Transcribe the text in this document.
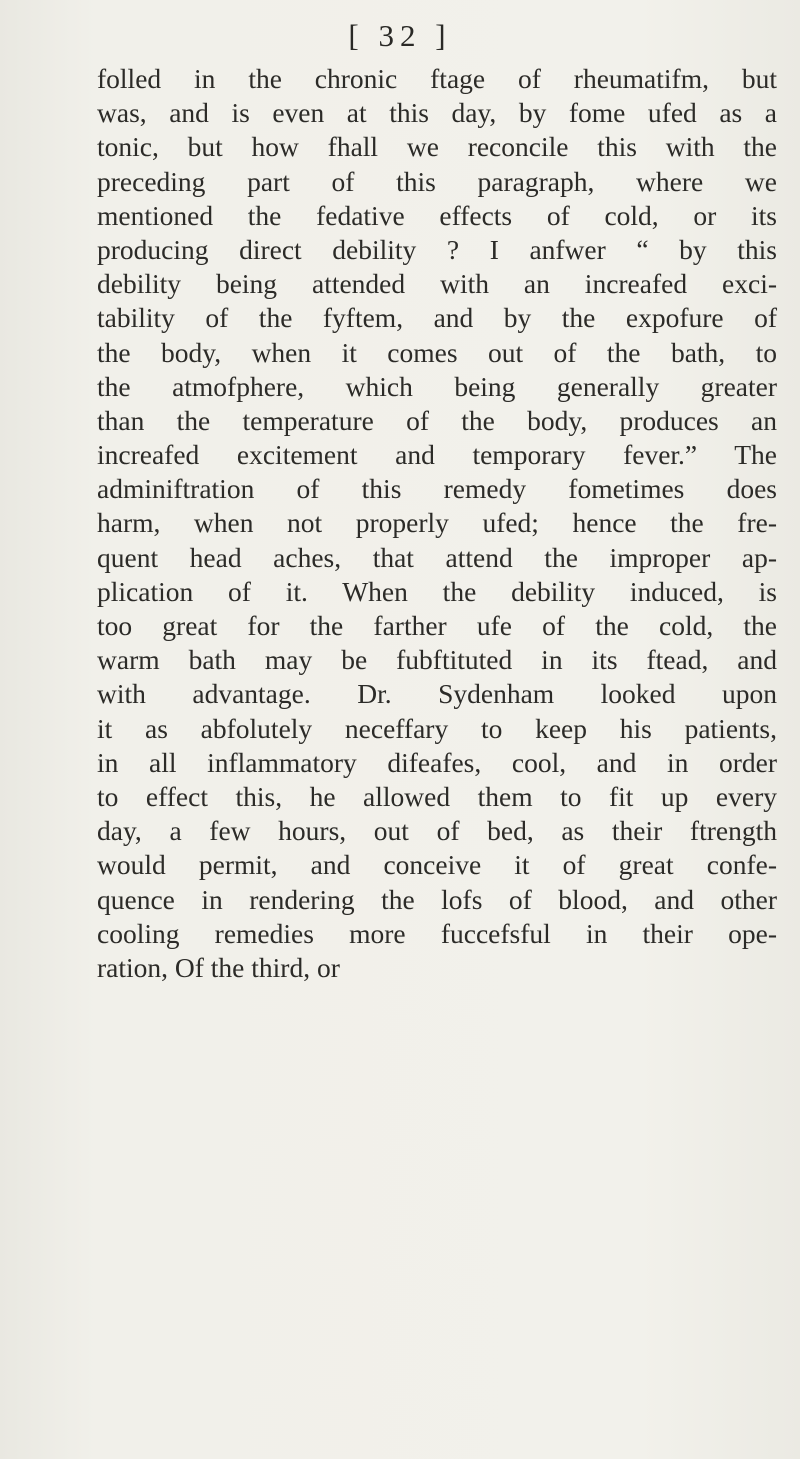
[ 32 ]
folled in the chronic ftage of rheumatifm, but
was, and is even at this day, by fome ufed as a
tonic, but how fhall we reconcile this with the
preceding part of this paragraph, where we
mentioned the fedative effects of cold, or its
producing direct debility ? I anfwer “ by this
debility being attended with an increafed exci-
tability of the fyftem, and by the expofure of
the body, when it comes out of the bath, to
the atmofphere, which being generally greater
than the temperature of the body, produces an
increafed excitement and temporary fever.” The
adminiftration of this remedy fometimes does
harm, when not properly ufed; hence the fre-
quent head aches, that attend the improper ap-
plication of it. When the debility induced, is
too great for the farther ufe of the cold, the
warm bath may be fubftituted in its ftead, and
with advantage. Dr. Sydenham looked upon
it as abfolutely neceffary to keep his patients,
in all inflammatory difeafes, cool, and in order
to effect this, he allowed them to fit up every
day, a few hours, out of bed, as their ftrength
would permit, and conceive it of great confe-
quence in rendering the lofs of blood, and other
cooling remedies more fuccefsful in their ope-
ration, Of the third, or
